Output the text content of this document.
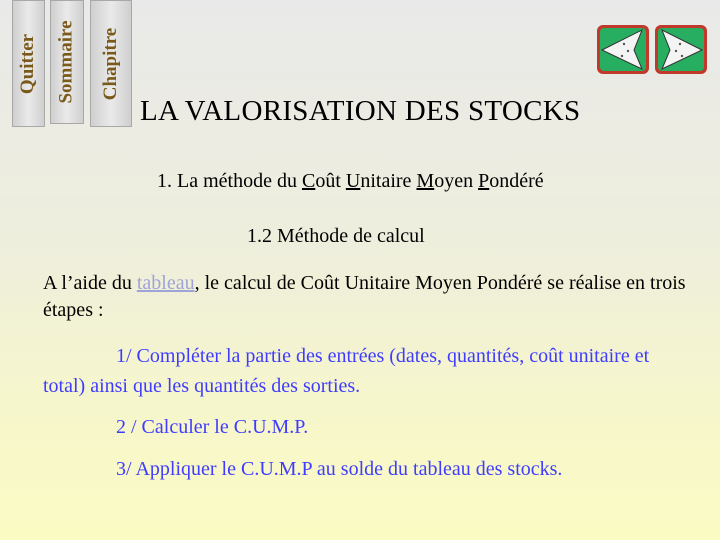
Quitter Sommaire Chapitre
LA VALORISATION DES STOCKS
1. La méthode du Coût Unitaire Moyen Pondéré
1.2 Méthode de calcul
A l’aide du tableau, le calcul de Coût Unitaire Moyen Pondéré se réalise en trois étapes :
1/ Compléter la partie des entrées (dates, quantités, coût unitaire et total) ainsi que les quantités des sorties.
2 / Calculer le C.U.M.P.
3/ Appliquer le C.U.M.P au solde du tableau des stocks.
